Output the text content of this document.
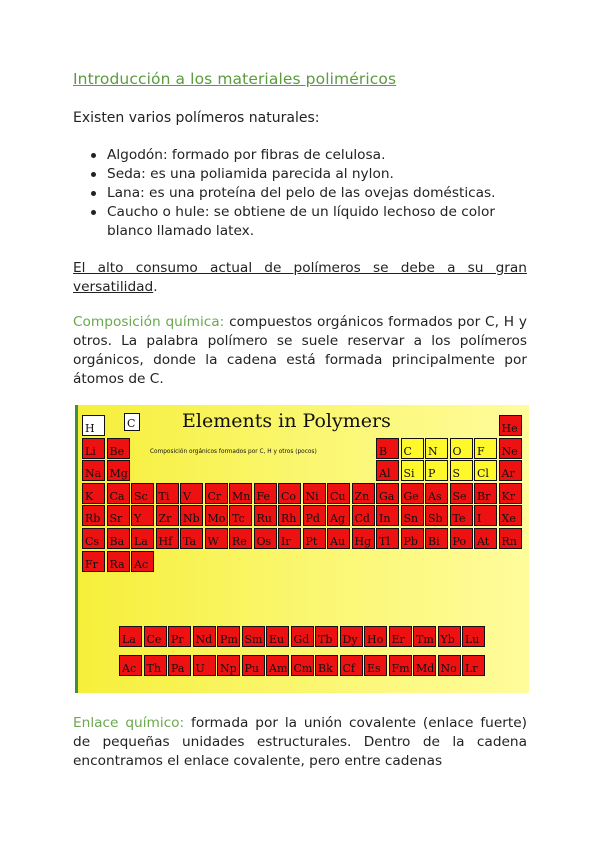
Introducción a los materiales poliméricos
Existen varios polímeros naturales:
Algodón: formado por fibras de celulosa.
Seda: es una poliamida parecida al nylon.
Lana: es una proteína del pelo de las ovejas domésticas.
Caucho o hule: se obtiene de un líquido lechoso de color blanco llamado latex.
El alto consumo actual de polímeros se debe a su gran versatilidad.
Composición química: compuestos orgánicos formados por C, H y otros. La palabra polímero se suele reservar a los polímeros orgánicos, donde la cadena está formada principalmente por átomos de C.
C Elements in Polymers
Composición orgánicos formados por C, H y otros (pocos)
H	He
Li Be	B C N O F Ne
Na Mg	Al Si P S Cl Ar
K Ca Sc Ti V Cr Mn Fe Co Ni Cu Zn Ga Ge As Se Br Kr
Rb Sr Y Zr Nb Mo Tc Ru Rh Pd Ag Cd In Sn Sb Te I Xe
Cs Ba La Hf Ta W Re Os Ir Pt Au Hg Tl Pb Bi Po At Rn
Fr Ra Ac
La Ce Pr Nd Pm Sm Eu Gd Tb Dy Ho Er Tm Yb Lu
Ac Th Pa U Np Pu Am Cm Bk Cf Es Fm Md No Lr
Enlace químico: formada por la unión covalente (enlace fuerte) de pequeñas unidades estructurales. Dentro de la cadena encontramos el enlace covalente, pero entre cadenas
